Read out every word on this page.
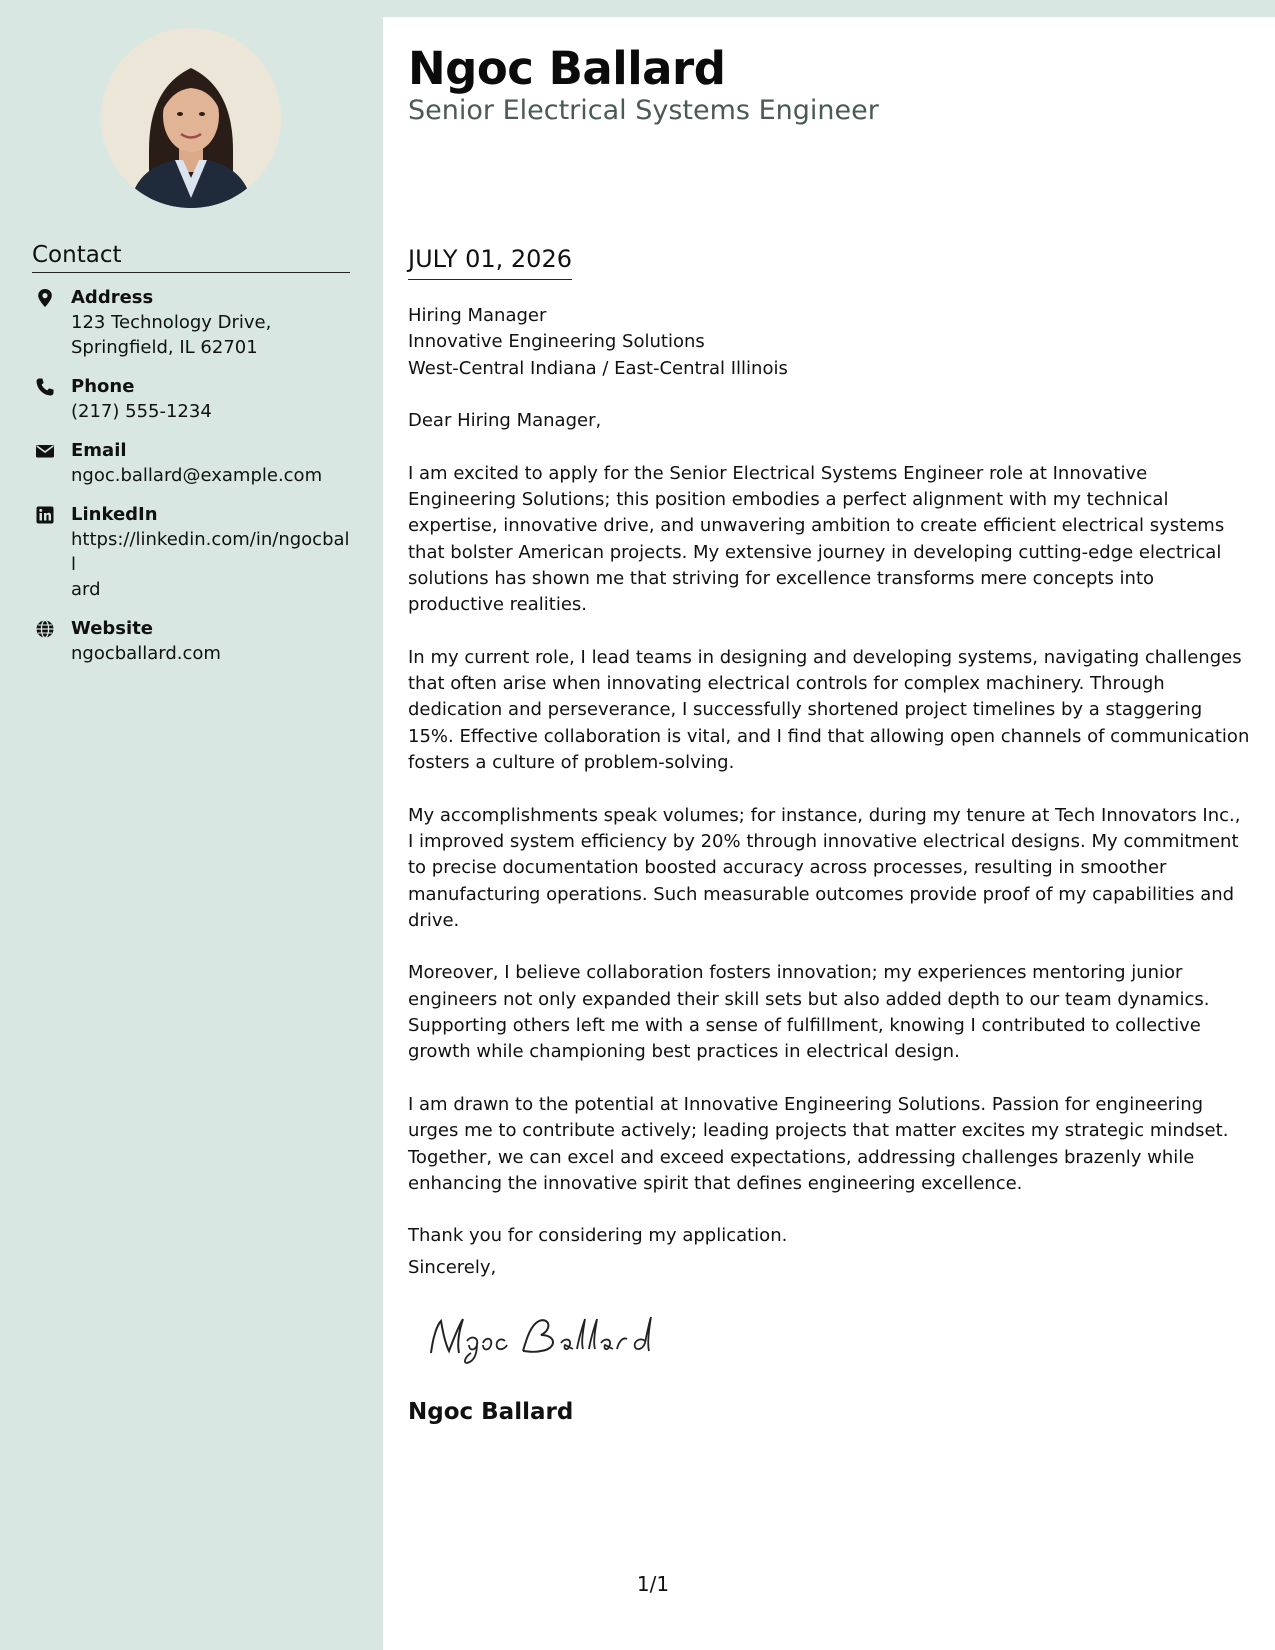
Contact
Address
123 Technology Drive,
Springfield, IL 62701
Phone
(217) 555-1234
Email
ngoc.ballard@example.com
LinkedIn
https://linkedin.com/in/ngocball
ard
Website
ngocballard.com
Ngoc Ballard
Senior Electrical Systems Engineer
JULY 01, 2026

Hiring Manager

Innovative Engineering Solutions

West-Central Indiana / East-Central Illinois

Dear Hiring Manager,

I am excited to apply for the Senior Electrical Systems Engineer role at Innovative Engineering Solutions; this position embodies a perfect alignment with my technical expertise, innovative drive, and unwavering ambition to create efficient electrical systems that bolster American projects. My extensive journey in developing cutting-edge electrical solutions has shown me that striving for excellence transforms mere concepts into productive realities.

In my current role, I lead teams in designing and developing systems, navigating challenges that often arise when innovating electrical controls for complex machinery. Through dedication and perseverance, I successfully shortened project timelines by a staggering 15%. Effective collaboration is vital, and I find that allowing open channels of communication fosters a culture of problem-solving.

My accomplishments speak volumes; for instance, during my tenure at Tech Innovators Inc., I improved system efficiency by 20% through innovative electrical designs. My commitment to precise documentation boosted accuracy across processes, resulting in smoother manufacturing operations. Such measurable outcomes provide proof of my capabilities and drive.

Moreover, I believe collaboration fosters innovation; my experiences mentoring junior engineers not only expanded their skill sets but also added depth to our team dynamics. Supporting others left me with a sense of fulfillment, knowing I contributed to collective growth while championing best practices in electrical design.

I am drawn to the potential at Innovative Engineering Solutions. Passion for engineering urges me to contribute actively; leading projects that matter excites my strategic mindset. Together, we can excel and exceed expectations, addressing challenges brazenly while enhancing the innovative spirit that defines engineering excellence.

Thank you for considering my application.

Sincerely,
Ngoc Ballard
1/1
